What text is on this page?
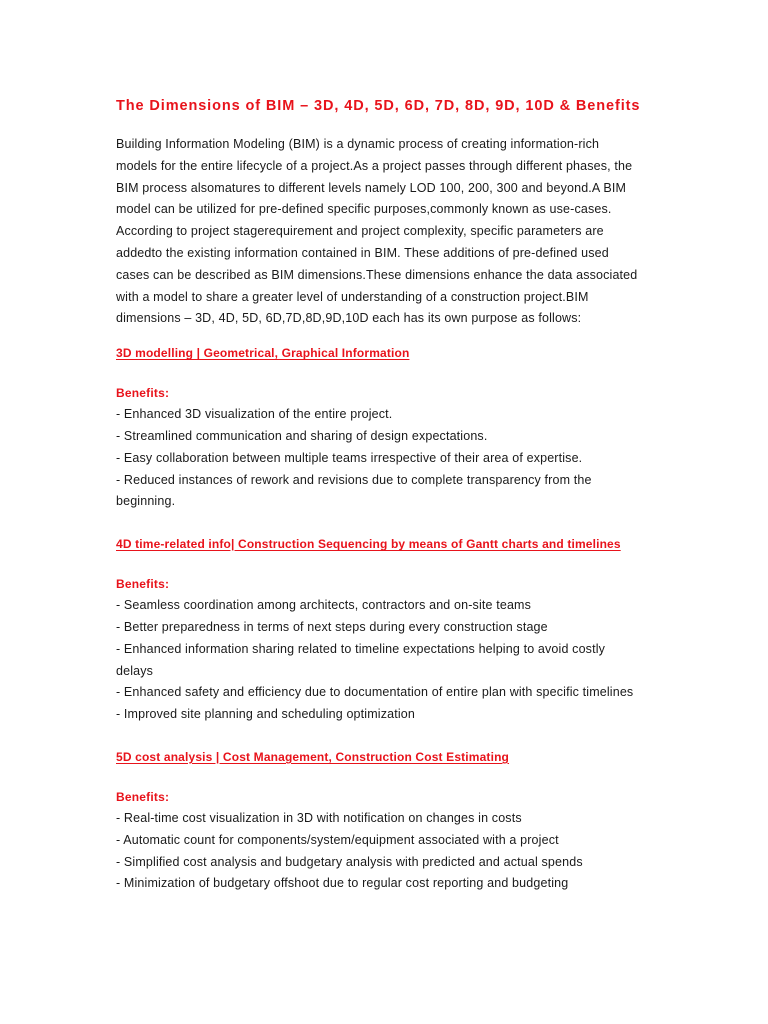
The Dimensions of BIM – 3D, 4D, 5D, 6D, 7D, 8D, 9D, 10D & Benefits

Building Information Modeling (BIM) is a dynamic process of creating information-rich
models for the entire lifecycle of a project.As a project passes through different phases, the
BIM process alsomatures to different levels namely LOD 100, 200, 300 and beyond.A BIM
model can be utilized for pre-defined specific purposes,commonly known as use-cases.
According to project stagerequirement and project complexity, specific parameters are
addedto the existing information contained in BIM. These additions of pre-defined used
cases can be described as BIM dimensions.These dimensions enhance the data associated
with a model to share a greater level of understanding of a construction project.BIM
dimensions – 3D, 4D, 5D, 6D,7D,8D,9D,10D each has its own purpose as follows:

3D modelling | Geometrical, Graphical Information
Benefits:
- Enhanced 3D visualization of the entire project.
- Streamlined communication and sharing of design expectations.
- Easy collaboration between multiple teams irrespective of their area of expertise.
- Reduced instances of rework and revisions due to complete transparency from the
beginning.
4D time-related info| Construction Sequencing by means of Gantt charts and timelines
Benefits:
- Seamless coordination among architects, contractors and on-site teams
- Better preparedness in terms of next steps during every construction stage
- Enhanced information sharing related to timeline expectations helping to avoid costly
delays
- Enhanced safety and efficiency due to documentation of entire plan with specific timelines
- Improved site planning and scheduling optimization
5D cost analysis | Cost Management, Construction Cost Estimating
Benefits:
- Real-time cost visualization in 3D with notification on changes in costs
- Automatic count for components/system/equipment associated with a project
- Simplified cost analysis and budgetary analysis with predicted and actual spends
- Minimization of budgetary offshoot due to regular cost reporting and budgeting
